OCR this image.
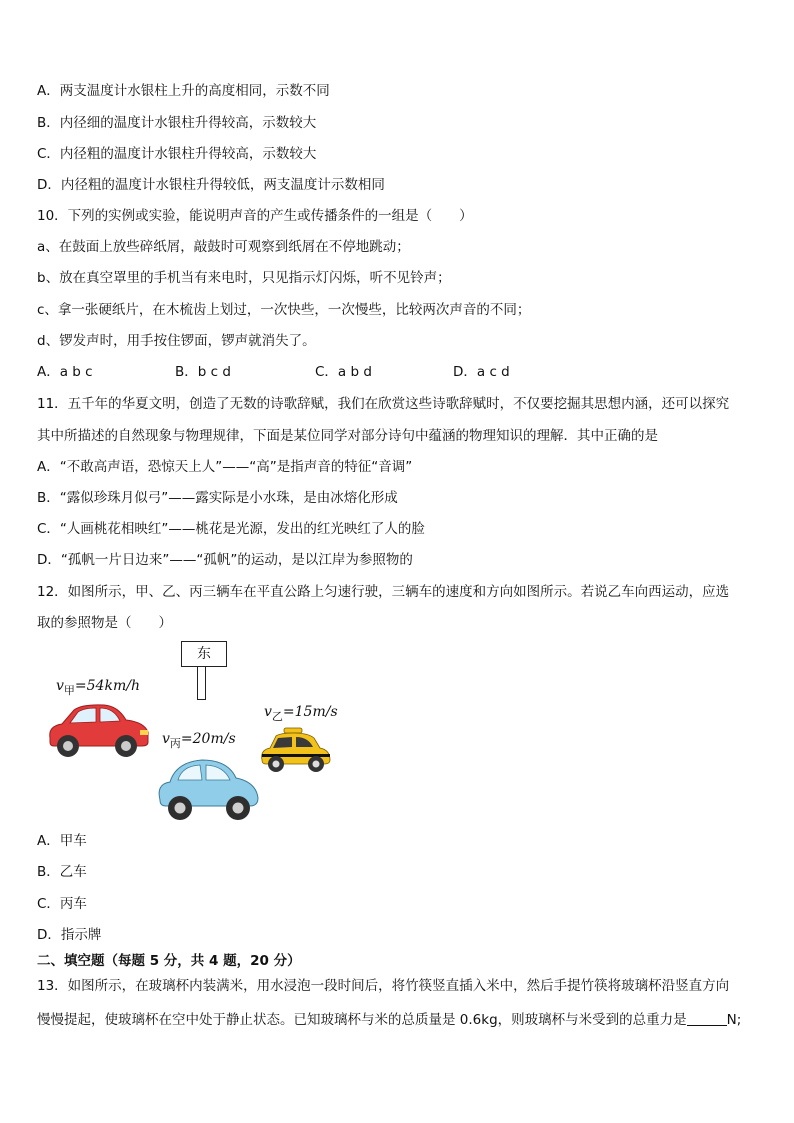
A．两支温度计水银柱上升的高度相同，示数不同
B．内径细的温度计水银柱升得较高，示数较大
C．内径粗的温度计水银柱升得较高，示数较大
D．内径粗的温度计水银柱升得较低，两支温度计示数相同
10．下列的实例或实验，能说明声音的产生或传播条件的一组是（　　）
a、在鼓面上放些碎纸屑，敲鼓时可观察到纸屑在不停地跳动；
b、放在真空罩里的手机当有来电时，只见指示灯闪烁，听不见铃声；
c、拿一张硬纸片，在木梳齿上划过，一次快些，一次慢些，比较两次声音的不同；
d、锣发声时，用手按住锣面，锣声就消失了。
A．a b c	B．b c d	C．a b d	D．a c d
11．五千年的华夏文明，创造了无数的诗歌辞赋，我们在欣赏这些诗歌辞赋时，不仅要挖掘其思想内涵，还可以探究
其中所描述的自然现象与物理规律，下面是某位同学对部分诗句中蕴涵的物理知识的理解．其中正确的是
A．“不敢高声语，恐惊天上人”——“高”是指声音的特征“音调”
B．“露似珍珠月似弓”——露实际是小水珠，是由冰熔化形成
C．“人画桃花相映红”——桃花是光源，发出的红光映红了人的脸
D．“孤帆一片日边来”——“孤帆”的运动，是以江岸为参照物的
12．如图所示，甲、乙、丙三辆车在平直公路上匀速行驶，三辆车的速度和方向如图所示。若说乙车向西运动，应选
取的参照物是（　　）
东
$v_甲=54km/h$
$v_乙=15m/s$
$v_丙=20m/s$
A．甲车
B．乙车
C．丙车
D．指示牌
二、填空题（每题 5 分，共 4 题，20 分）
13．如图所示，在玻璃杯内装满米，用水浸泡一段时间后，将竹筷竖直插入米中，然后手提竹筷将玻璃杯沿竖直方向
慢慢提起，使玻璃杯在空中处于静止状态。已知玻璃杯与米的总质量是 0.6kg，则玻璃杯与米受到的总重力是	N;
